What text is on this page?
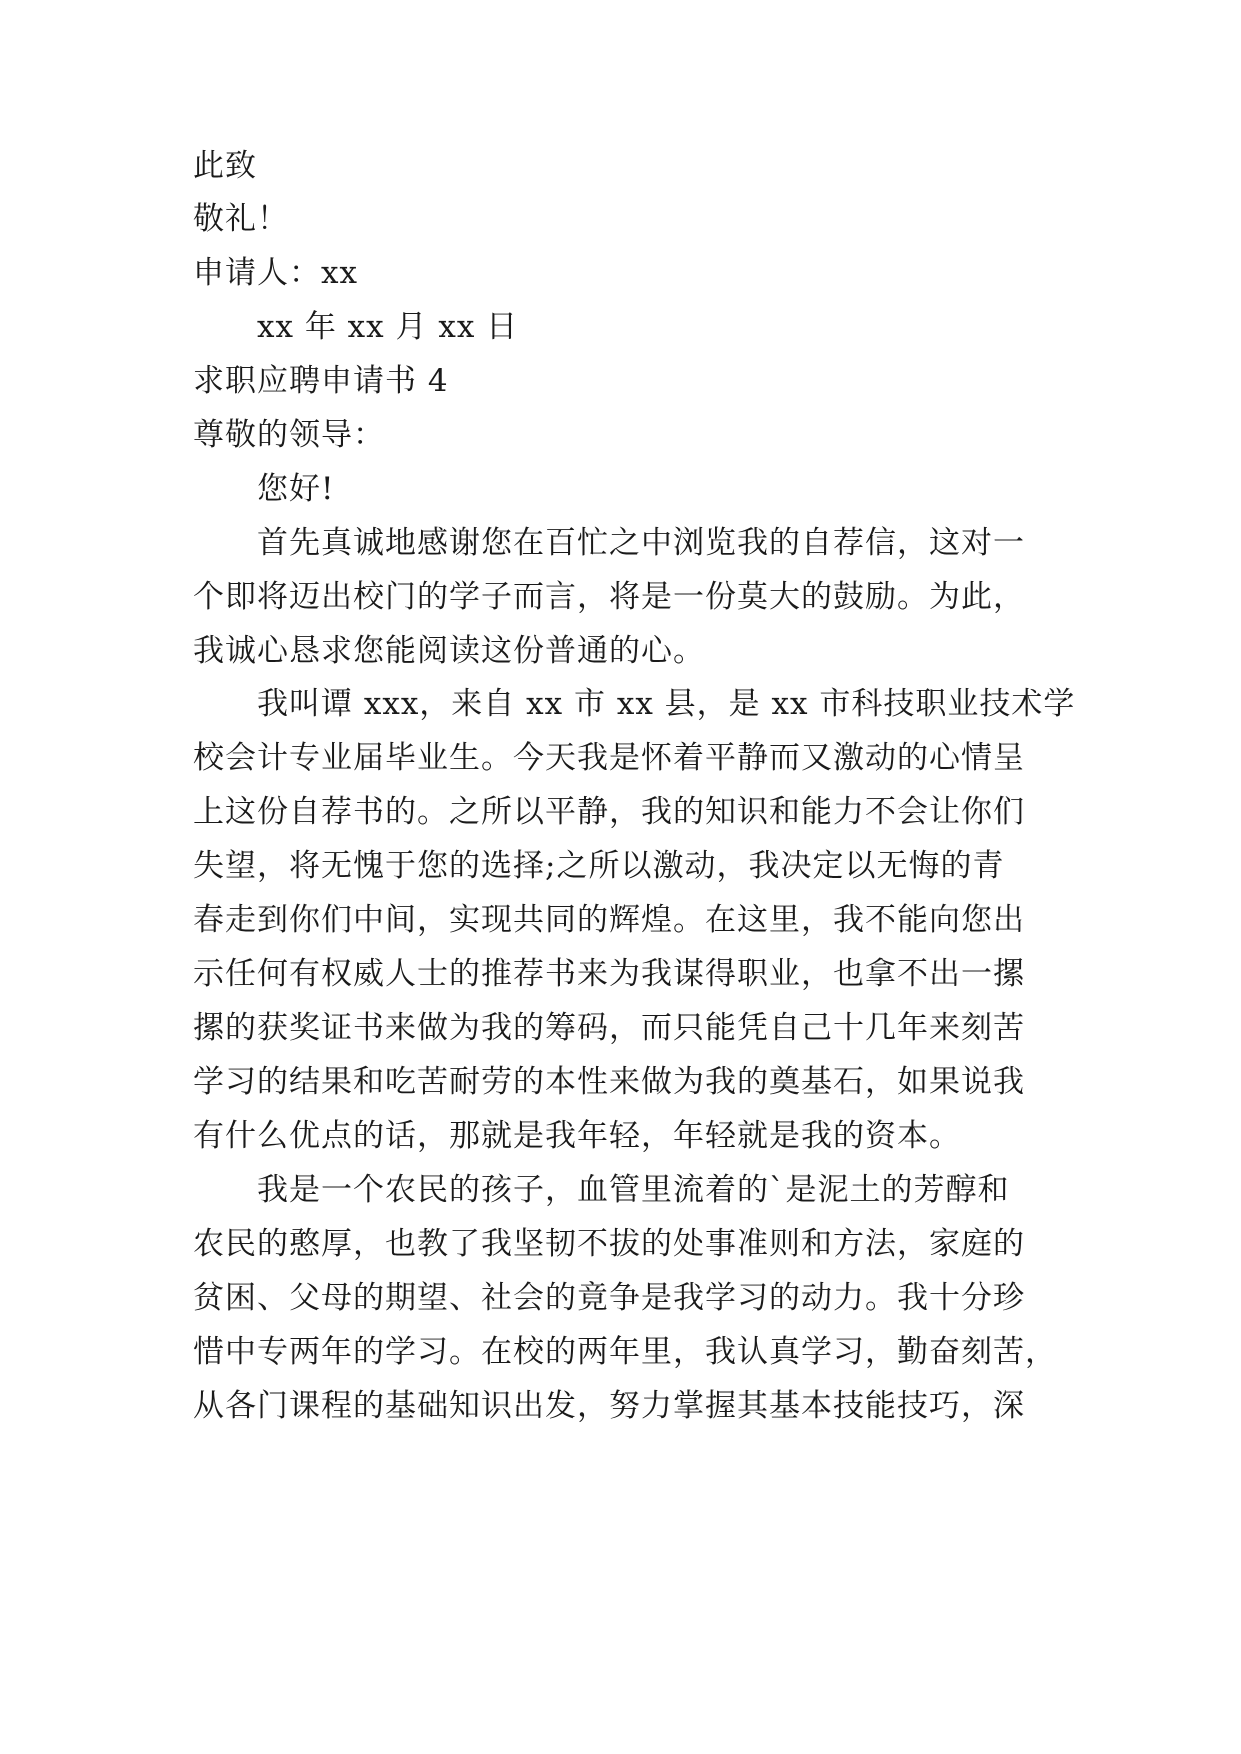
此致
敬礼！
申请人：xx
xx 年 xx 月 xx 日
求职应聘申请书 4
尊敬的领导：
您好!
首先真诚地感谢您在百忙之中浏览我的自荐信，这对一
个即将迈出校门的学子而言，将是一份莫大的鼓励。为此，
我诚心恳求您能阅读这份普通的心。
我叫谭 xxx，来自 xx 市 xx 县，是 xx 市科技职业技术学
校会计专业届毕业生。今天我是怀着平静而又激动的心情呈
上这份自荐书的。之所以平静，我的知识和能力不会让你们
失望，将无愧于您的选择;之所以激动，我决定以无悔的青
春走到你们中间，实现共同的辉煌。在这里，我不能向您出
示任何有权威人士的推荐书来为我谋得职业，也拿不出一摞
摞的获奖证书来做为我的筹码，而只能凭自己十几年来刻苦
学习的结果和吃苦耐劳的本性来做为我的奠基石，如果说我
有什么优点的话，那就是我年轻，年轻就是我的资本。
我是一个农民的孩子，血管里流着的`是泥土的芳醇和
农民的憨厚，也教了我坚韧不拔的处事准则和方法，家庭的
贫困、父母的期望、社会的竟争是我学习的动力。我十分珍
惜中专两年的学习。在校的两年里，我认真学习，勤奋刻苦，
从各门课程的基础知识出发，努力掌握其基本技能技巧，深
